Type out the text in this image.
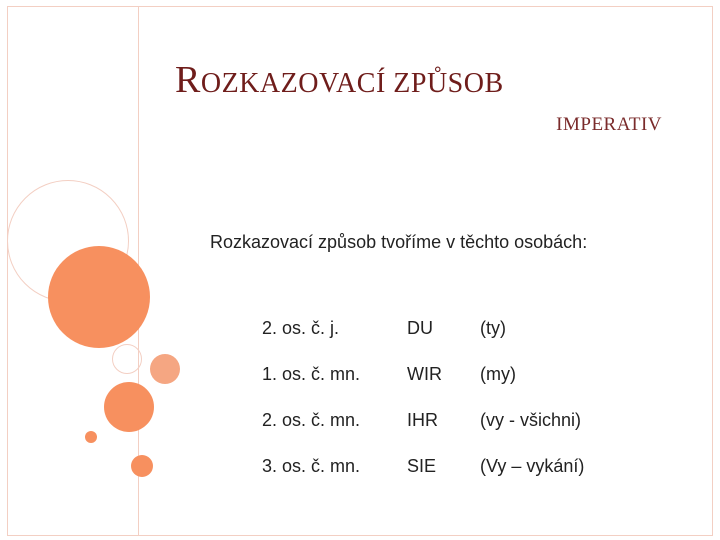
ROZKAZOVACÍ ZPŮSOB
IMPERATIV
Rozkazovací způsob tvoříme v těchto osobách:
2. os. č. j.	DU	(ty)
1. os. č. mn.	WIR	(my)
2. os. č. mn.	IHR	(vy - všichni)
3. os. č. mn.	SIE	(Vy – vykání)
